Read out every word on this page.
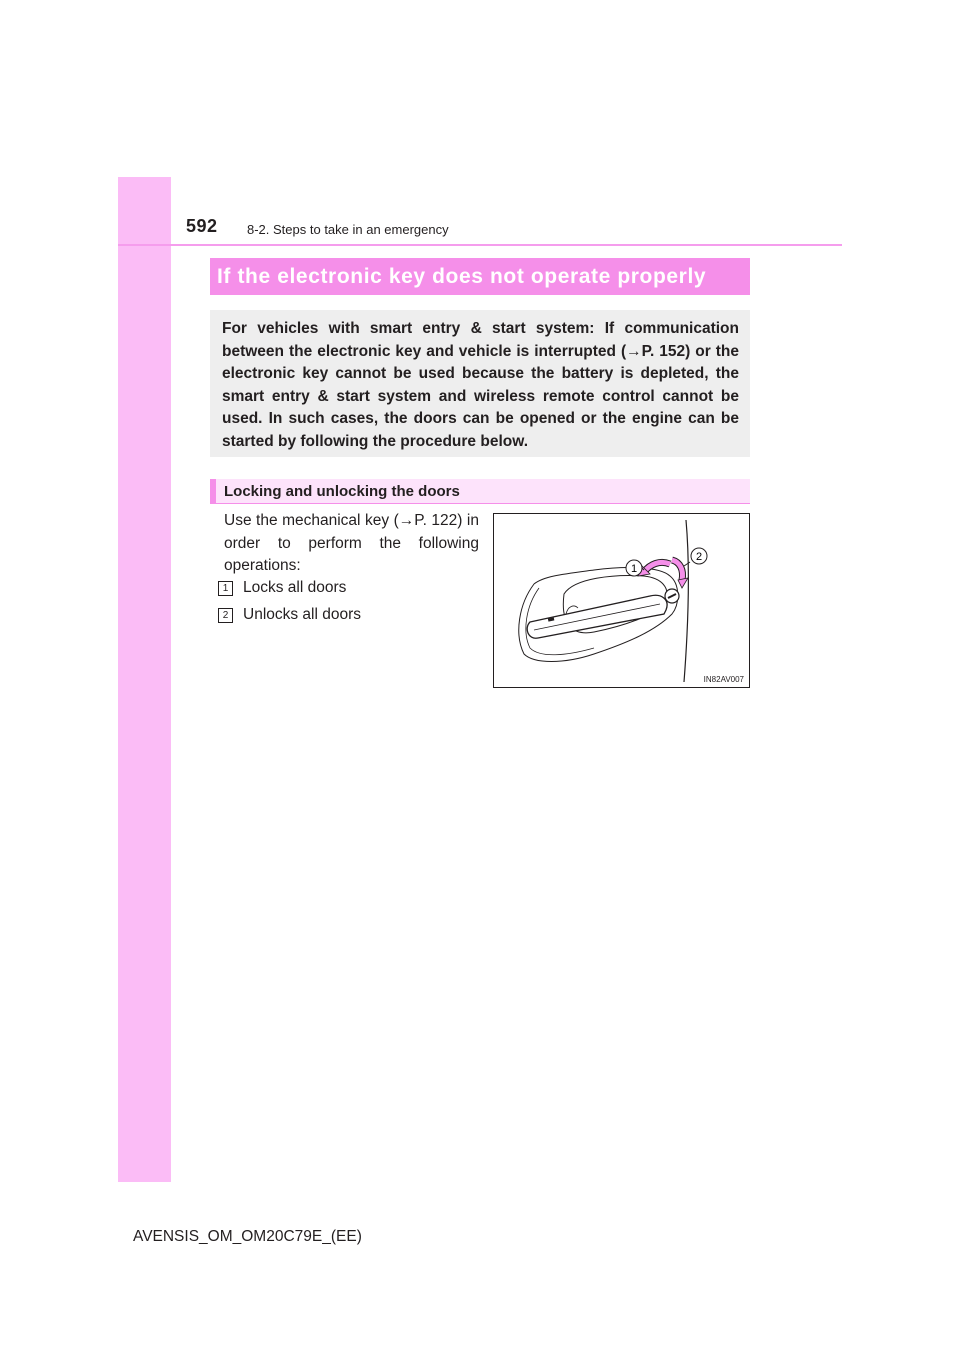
592 8-2. Steps to take in an emergency
If the electronic key does not operate properly

For vehicles with smart entry & start system: If communication between the electronic key and vehicle is interrupted (→P. 152) or the electronic key cannot be used because the battery is depleted, the smart entry & start system and wireless remote control cannot be used. In such cases, the doors can be opened or the engine can be started by following the procedure below.

Locking and unlocking the doors
Use the mechanical key (→P. 122) in order to perform the following operations:
1 Locks all doors
2 Unlocks all doors
1
2
IN82AV007
AVENSIS_OM_OM20C79E_(EE)
